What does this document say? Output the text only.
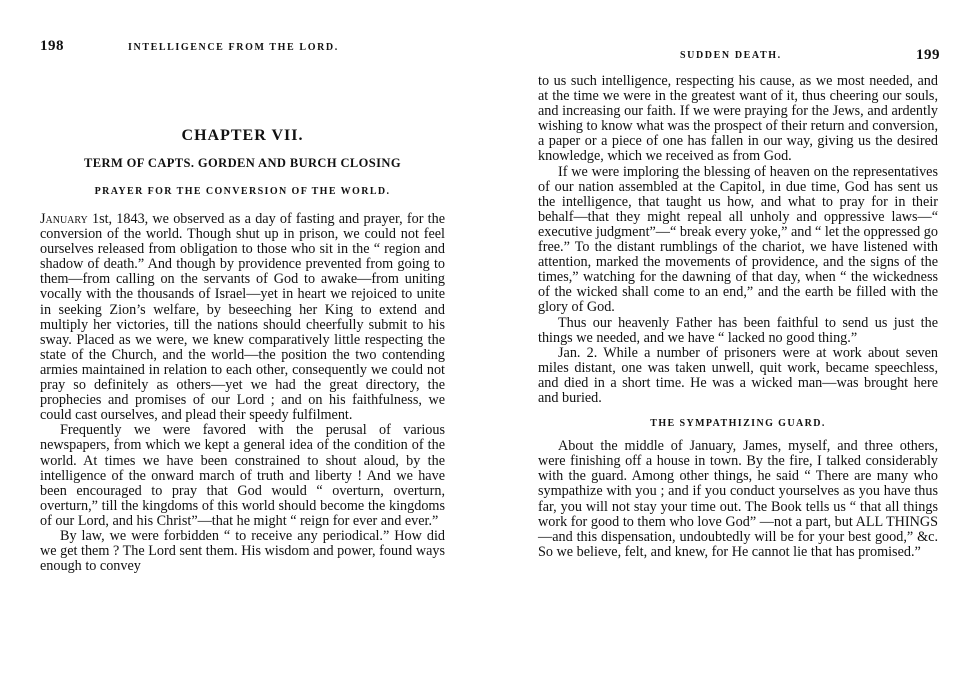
198	INTELLIGENCE FROM THE LORD.
CHAPTER VII.
TERM OF CAPTS. GORDEN AND BURCH CLOSING
PRAYER FOR THE CONVERSION OF THE WORLD.

January 1st, 1843, we observed as a day of fasting and prayer, for the conversion of the world. Though shut up in prison, we could not feel ourselves released from obligation to those who sit in the “ region and shadow of death.” And though by providence prevented from going to them—from calling on the servants of God to awake—from uniting vocally with the thousands of Israel—yet in heart we rejoiced to unite in seeking Zion’s welfare, by beseeching her King to extend and multiply her victories, till the nations should cheerfully submit to his sway. Placed as we were, we knew comparatively little respecting the state of the Church, and the world—the position the two contending armies maintained in relation to each other, consequently we could not pray so definitely as others—yet we had the great directory, the prophecies and promises of our Lord ; and on his faithfulness, we could cast ourselves, and plead their speedy fulfilment.

Frequently we were favored with the perusal of various newspapers, from which we kept a general idea of the condition of the world. At times we have been constrained to shout aloud, by the intelligence of the onward march of truth and liberty ! And we have been encouraged to pray that God would “ overturn, overturn, overturn,” till the kingdoms of this world should become the kingdoms of our Lord, and his Christ”—that he might “ reign for ever and ever.”

By law, we were forbidden “ to receive any periodical.” How did we get them ? The Lord sent them. His wisdom and power, found ways enough to convey

SUDDEN DEATH.	199

to us such intelligence, respecting his cause, as we most needed, and at the time we were in the greatest want of it, thus cheering our souls, and increasing our faith. If we were praying for the Jews, and ardently wishing to know what was the prospect of their return and conversion, a paper or a piece of one has fallen in our way, giving us the desired knowledge, which we received as from God.

If we were imploring the blessing of heaven on the representatives of our nation assembled at the Capitol, in due time, God has sent us the intelligence, that taught us how, and what to pray for in their behalf—that they might repeal all unholy and oppressive laws—“ executive judgment”—“ break every yoke,” and “ let the oppressed go free.” To the distant rumblings of the chariot, we have listened with attention, marked the movements of providence, and the signs of the times,” watching for the dawning of that day, when “ the wickedness of the wicked shall come to an end,” and the earth be filled with the glory of God.

Thus our heavenly Father has been faithful to send us just the things we needed, and we have “ lacked no good thing.”

Jan. 2. While a number of prisoners were at work about seven miles distant, one was taken unwell, quit work, became speechless, and died in a short time. He was a wicked man—was brought here and buried.

THE SYMPATHIZING GUARD.

About the middle of January, James, myself, and three others, were finishing off a house in town. By the fire, I talked considerably with the guard. Among other things, he said “ There are many who sympathize with you ; and if you conduct yourselves as you have thus far, you will not stay your time out. The Book tells us “ that all things work for good to them who love God” —not a part, but ALL THINGS—and this dispensation, undoubtedly will be for your best good,” &c. So we believe, felt, and knew, for He cannot lie that has promised.”
